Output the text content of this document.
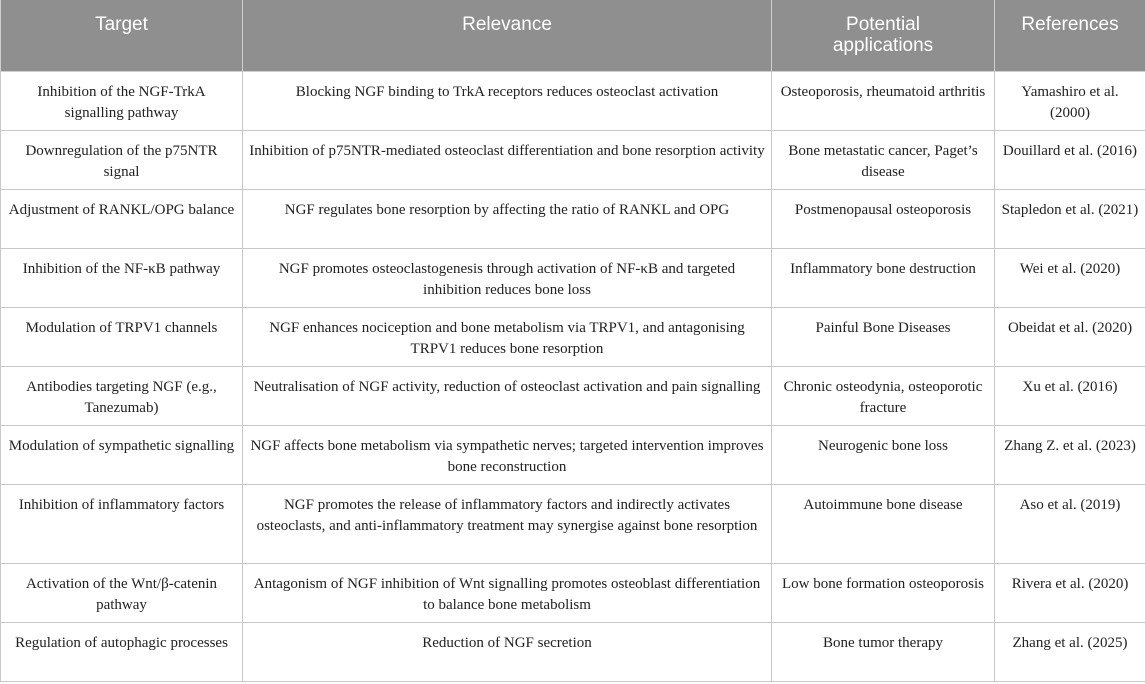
Target	Relevance	Potential applications	References
Inhibition of the NGF-TrkA signalling pathway	Blocking NGF binding to TrkA receptors reduces osteoclast activation	Osteoporosis, rheumatoid arthritis	Yamashiro et al. (2000)
Downregulation of the p75NTR signal	Inhibition of p75NTR-mediated osteoclast differentiation and bone resorption activity	Bone metastatic cancer, Paget’s disease	Douillard et al. (2016)
Adjustment of RANKL/OPG balance	NGF regulates bone resorption by affecting the ratio of RANKL and OPG	Postmenopausal osteoporosis	Stapledon et al. (2021)
Inhibition of the NF-κB pathway	NGF promotes osteoclastogenesis through activation of NF-κB and targeted inhibition reduces bone loss	Inflammatory bone destruction	Wei et al. (2020)
Modulation of TRPV1 channels	NGF enhances nociception and bone metabolism via TRPV1, and antagonising TRPV1 reduces bone resorption	Painful Bone Diseases	Obeidat et al. (2020)
Antibodies targeting NGF (e.g., Tanezumab)	Neutralisation of NGF activity, reduction of osteoclast activation and pain signalling	Chronic osteodynia, osteoporotic fracture	Xu et al. (2016)
Modulation of sympathetic signalling	NGF affects bone metabolism via sympathetic nerves; targeted intervention improves bone reconstruction	Neurogenic bone loss	Zhang Z. et al. (2023)
Inhibition of inflammatory factors	NGF promotes the release of inflammatory factors and indirectly activates osteoclasts, and anti-inflammatory treatment may synergise against bone resorption	Autoimmune bone disease	Aso et al. (2019)
Activation of the Wnt/β-catenin pathway	Antagonism of NGF inhibition of Wnt signalling promotes osteoblast differentiation to balance bone metabolism	Low bone formation osteoporosis	Rivera et al. (2020)
Regulation of autophagic processes	Reduction of NGF secretion	Bone tumor therapy	Zhang et al. (2025)
